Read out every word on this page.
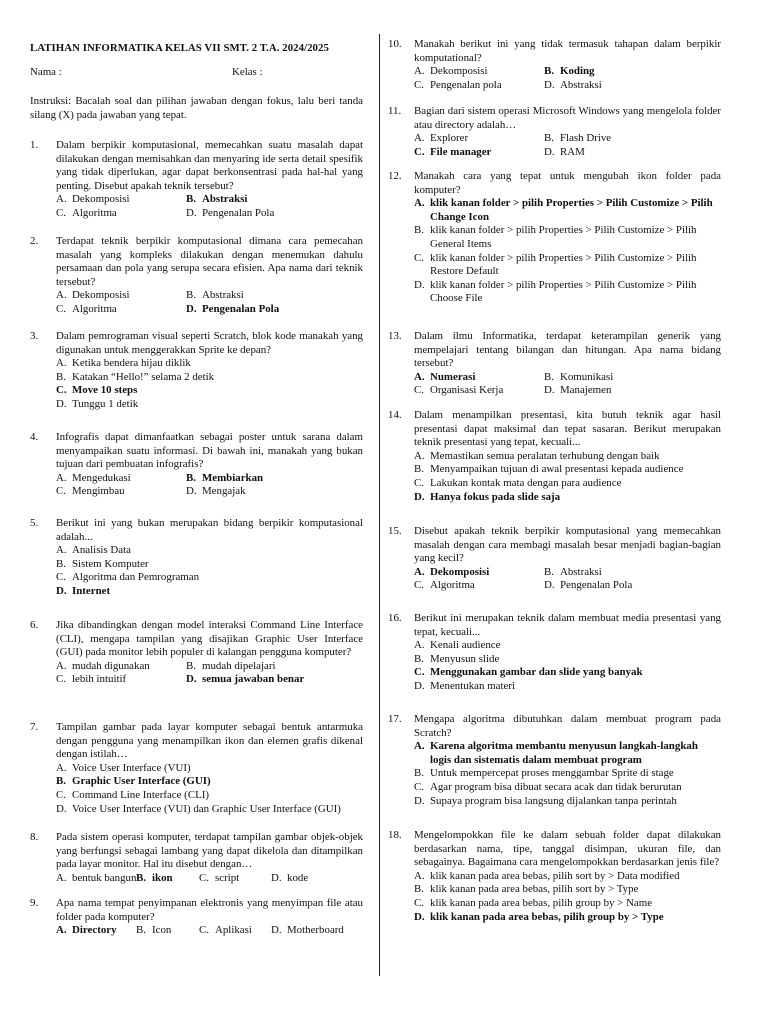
LATIHAN INFORMATIKA KELAS VII SMT. 2 T.A. 2024/2025
Nama :	Kelas :
Instruksi: Bacalah soal dan pilihan jawaban dengan fokus, lalu beri tanda silang (X) pada jawaban yang tepat.
1. Dalam berpikir komputasional, memecahkan suatu masalah dapat dilakukan dengan memisahkan dan menyaring ide serta detail spesifik yang tidak diperlukan, agar dapat berkonsentrasi pada hal-hal yang penting. Disebut apakah teknik tersebut?
A. Dekomposisi	B. Abstraksi
C. Algoritma	D. Pengenalan Pola
2. Terdapat teknik berpikir komputasional dimana cara pemecahan masalah yang kompleks dilakukan dengan menemukan dahulu persamaan dan pola yang serupa secara efisien. Apa nama dari teknik tersebut?
A. Dekomposisi	B. Abstraksi
C. Algoritma	D. Pengenalan Pola
3. Dalam pemrograman visual seperti Scratch, blok kode manakah yang digunakan untuk menggerakkan Sprite ke depan?
A. Ketika bendera hijau diklik
B. Katakan “Hello!” selama 2 detik
C. Move 10 steps
D. Tunggu 1 detik
4. Infografis dapat dimanfaatkan sebagai poster untuk sarana dalam menyampaikan suatu informasi. Di bawah ini, manakah yang bukan tujuan dari pembuatan infografis?
A. Mengedukasi	B. Membiarkan
C. Mengimbau	D. Mengajak
5. Berikut ini yang bukan merupakan bidang berpikir komputasional adalah...
A. Analisis Data
B. Sistem Komputer
C. Algoritma dan Pemrograman
D. Internet
6. Jika dibandingkan dengan model interaksi Command Line Interface (CLI), mengapa tampilan yang disajikan Graphic User Interface (GUI) pada monitor lebih populer di kalangan pengguna komputer?
A. mudah digunakan	B. mudah dipelajari
C. lebih intuitif	D. semua jawaban benar
7. Tampilan gambar pada layar komputer sebagai bentuk antarmuka dengan pengguna yang menampilkan ikon dan elemen grafis dikenal dengan istilah…
A. Voice User Interface (VUI)
B. Graphic User Interface (GUI)
C. Command Line Interface (CLI)
D. Voice User Interface (VUI) dan Graphic User Interface (GUI)
8. Pada sistem operasi komputer, terdapat tampilan gambar objek-objek yang berfungsi sebagai lambang yang dapat dikelola dan ditampilkan pada layar monitor. Hal itu disebut dengan…
A. bentuk bangun B. ikon	C. script	D. kode
9. Apa nama tempat penyimpanan elektronis yang menyimpan file atau folder pada komputer?
A. Directory	B. Icon	C. Aplikasi	D. Motherboard
10. Manakah berikut ini yang tidak termasuk tahapan dalam berpikir komputational?
A. Dekomposisi	B. Koding
C. Pengenalan pola	D. Abstraksi
11. Bagian dari sistem operasi Microsoft Windows yang mengelola folder atau directory adalah…
A. Explorer	B. Flash Drive
C. File manager	D. RAM
12. Manakah cara yang tepat untuk mengubah ikon folder pada komputer?
A. klik kanan folder > pilih Properties > Pilih Customize > Pilih Change Icon
B. klik kanan folder > pilih Properties > Pilih Customize > Pilih General Items
C. klik kanan folder > pilih Properties > Pilih Customize > Pilih Restore Default
D. klik kanan folder > pilih Properties > Pilih Customize > Pilih Choose File
13. Dalam ilmu Informatika, terdapat keterampilan generik yang mempelajari tentang bilangan dan hitungan. Apa nama bidang tersebut?
A. Numerasi	B. Komunikasi
C. Organisasi Kerja	D. Manajemen
14. Dalam menampilkan presentasi, kita butuh teknik agar hasil presentasi dapat maksimal dan tepat sasaran. Berikut merupakan teknik presentasi yang tepat, kecuali...
A. Memastikan semua peralatan terhubung dengan baik
B. Menyampaikan tujuan di awal presentasi kepada audience
C. Lakukan kontak mata dengan para audience
D. Hanya fokus pada slide saja
15. Disebut apakah teknik berpikir komputasional yang memecahkan masalah dengan cara membagi masalah besar menjadi bagian-bagian yang kecil?
A. Dekomposisi	B. Abstraksi
C. Algoritma	D. Pengenalan Pola
16. Berikut ini merupakan teknik dalam membuat media presentasi yang tepat, kecuali...
A. Kenali audience
B. Menyusun slide
C. Menggunakan gambar dan slide yang banyak
D. Menentukan materi
17. Mengapa algoritma dibutuhkan dalam membuat program pada Scratch?
A. Karena algoritma membantu menyusun langkah-langkah logis dan sistematis dalam membuat program
B. Untuk mempercepat proses menggambar Sprite di stage
C. Agar program bisa dibuat secara acak dan tidak berurutan
D. Supaya program bisa langsung dijalankan tanpa perintah
18. Mengelompokkan file ke dalam sebuah folder dapat dilakukan berdasarkan nama, tipe, tanggal disimpan, ukuran file, dan sebagainya. Bagaimana cara mengelompokkan berdasarkan jenis file?
A. klik kanan pada area bebas, pilih sort by > Data modified
B. klik kanan pada area bebas, pilih sort by > Type
C. klik kanan pada area bebas, pilih group by > Name
D. klik kanan pada area bebas, pilih group by > Type
